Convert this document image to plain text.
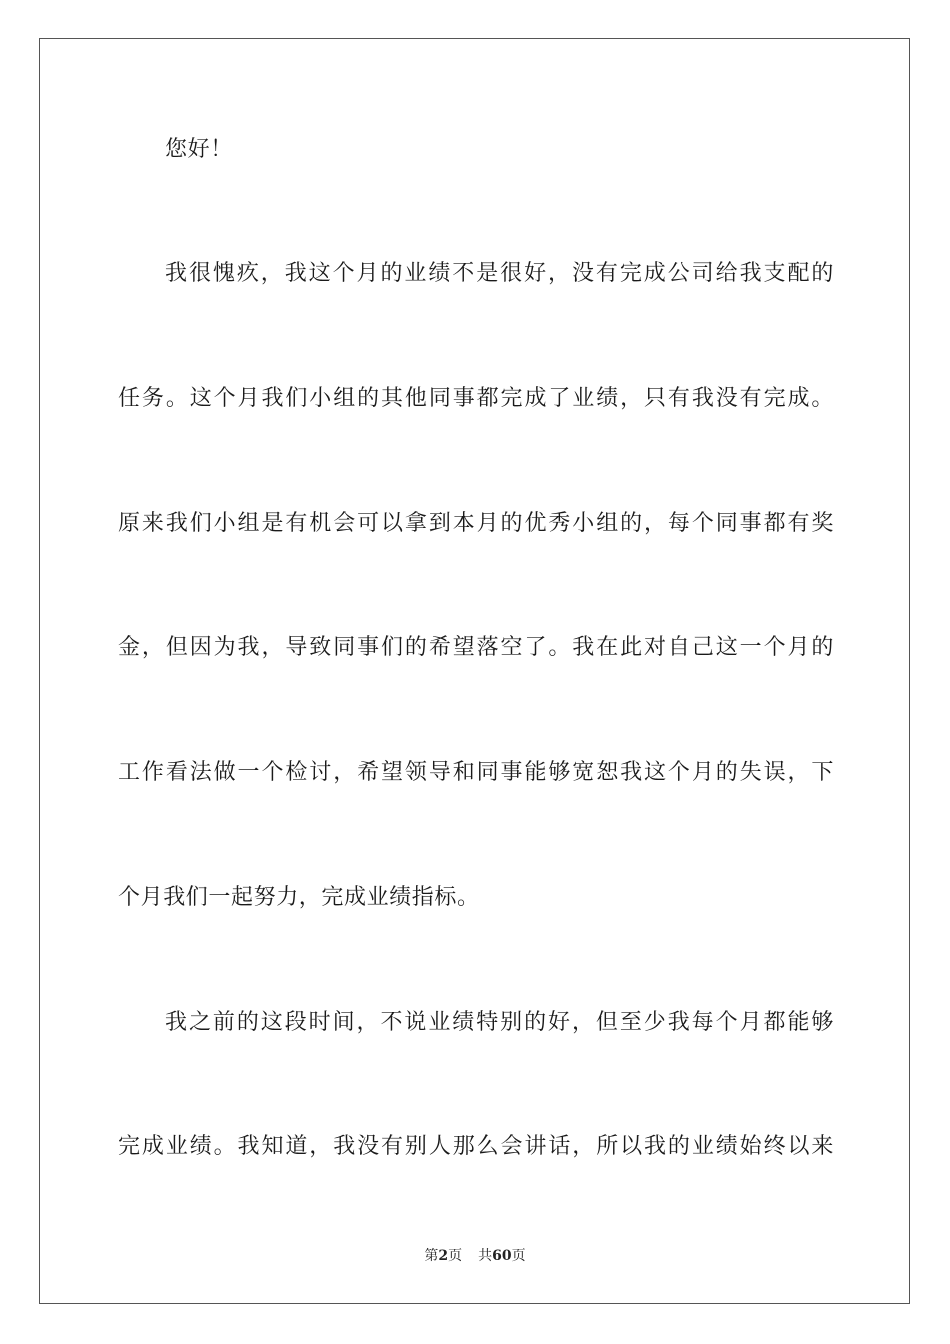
您好！
我很愧疚，我这个月的业绩不是很好，没有完成公司给我支配的
任务。这个月我们小组的其他同事都完成了业绩，只有我没有完成。
原来我们小组是有机会可以拿到本月的优秀小组的，每个同事都有奖
金，但因为我，导致同事们的希望落空了。我在此对自己这一个月的
工作看法做一个检讨，希望领导和同事能够宽恕我这个月的失误，下
个月我们一起努力，完成业绩指标。
我之前的这段时间，不说业绩特别的好，但至少我每个月都能够
完成业绩。我知道，我没有别人那么会讲话，所以我的业绩始终以来
第2页 共60页
